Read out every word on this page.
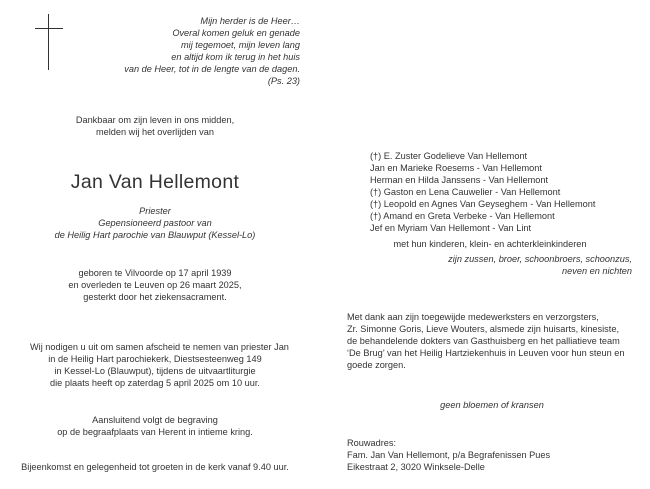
Mijn herder is de Heer…
Overal komen geluk en genade
mij tegemoet, mijn leven lang
en altijd kom ik terug in het huis
van de Heer, tot in de lengte van de dagen.
(Ps. 23)
Dankbaar om zijn leven in ons midden,
melden wij het overlijden van
Jan Van Hellemont
Priester
Gepensioneerd pastoor van
de Heilig Hart parochie van Blauwput (Kessel-Lo)
geboren te Vilvoorde op 17 april 1939
en overleden te Leuven op 26 maart 2025,
gesterkt door het ziekensacrament.
Wij nodigen u uit om samen afscheid te nemen van priester Jan
in de Heilig Hart parochiekerk, Diestsesteenweg 149
in Kessel-Lo (Blauwput), tijdens de uitvaartliturgie
die plaats heeft op zaterdag 5 april 2025 om 10 uur.
Aansluitend volgt de begraving
op de begraafplaats van Herent in intieme kring.
Bijeenkomst en gelegenheid tot groeten in de kerk vanaf 9.40 uur.
(†) E. Zuster Godelieve Van Hellemont
Jan en Marieke Roesems - Van Hellemont
Herman en Hilda Janssens - Van Hellemont
(†) Gaston en Lena Cauwelier - Van Hellemont
(†) Leopold en Agnes Van Geyseghem - Van Hellemont
(†) Amand en Greta Verbeke - Van Hellemont
Jef en Myriam Van Hellemont - Van Lint
met hun kinderen, klein- en achterkleinkinderen
zijn zussen, broer, schoonbroers, schoonzus,
neven en nichten
Met dank aan zijn toegewijde medewerksters en verzorgsters,
Zr. Simonne Goris, Lieve Wouters, alsmede zijn huisarts, kinesiste,
de behandelende dokters van Gasthuisberg en het palliatieve team
‘De Brug’ van het Heilig Hartziekenhuis in Leuven voor hun steun en
goede zorgen.
geen bloemen of kransen
Rouwadres:
Fam. Jan Van Hellemont, p/a Begrafenissen Pues
Eikestraat 2, 3020 Winksele-Delle
